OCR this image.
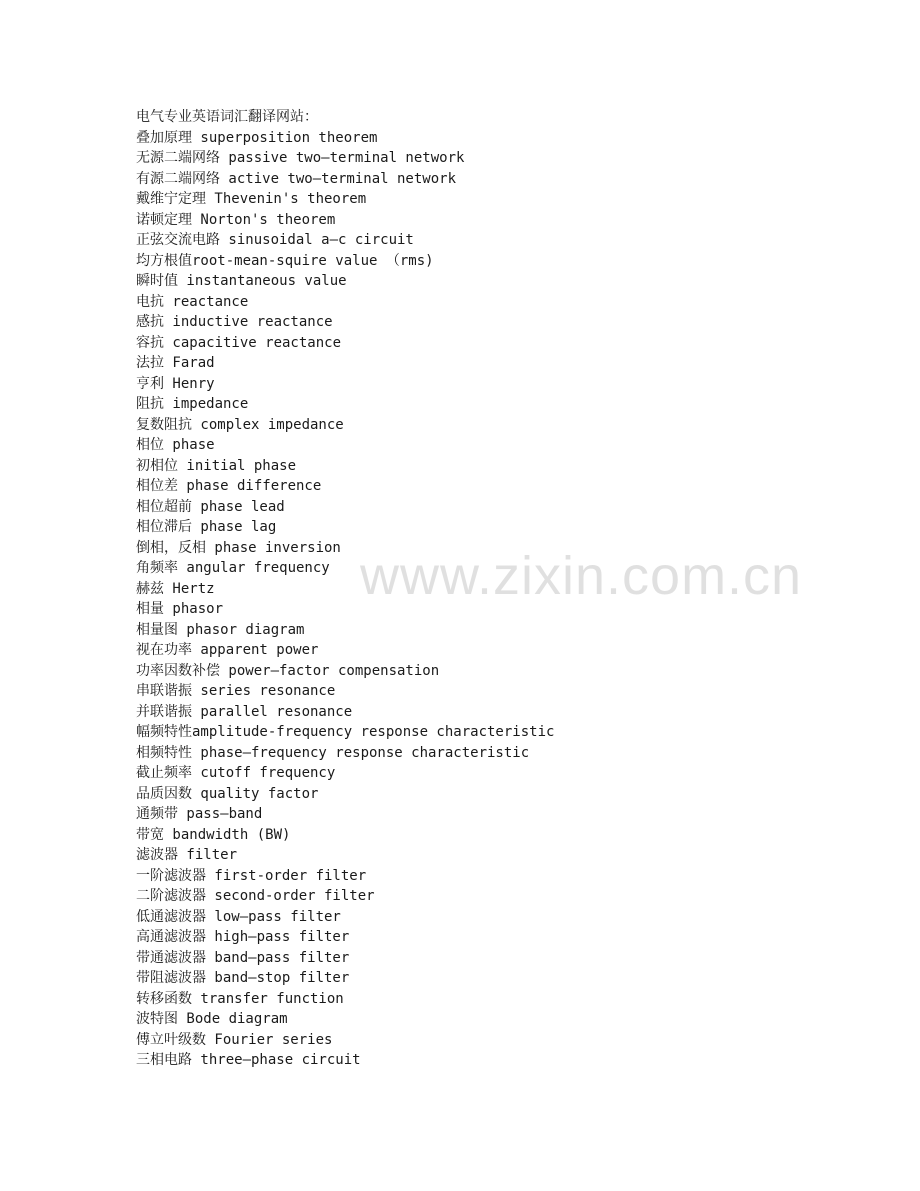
电气专业英语词汇翻译网站：
叠加原理 superposition theorem
无源二端网络 passive two—terminal network
有源二端网络 active two—terminal network
戴维宁定理 Thevenin's theorem
诺顿定理 Norton's theorem
正弦交流电路 sinusoidal a—c circuit
均方根值root-mean-squire value （rms)
瞬时值 instantaneous value
电抗 reactance
感抗 inductive reactance
容抗 capacitive reactance
法拉 Farad
亨利 Henry
阻抗 impedance
复数阻抗 complex impedance
相位 phase
初相位 initial phase
相位差 phase difference
相位超前 phase lead
相位滞后 phase lag
倒相，反相 phase inversion
角频率 angular frequency
赫兹 Hertz
相量 phasor
相量图 phasor diagram
视在功率 apparent power
功率因数补偿 power—factor compensation
串联谐振 series resonance
并联谐振 parallel resonance
幅频特性amplitude-frequency response characteristic
相频特性 phase—frequency response characteristic
截止频率 cutoff frequency
品质因数 quality factor
通频带 pass—band
带宽 bandwidth (BW)
滤波器 filter
一阶滤波器 first-order filter
二阶滤波器 second-order filter
低通滤波器 low—pass filter
高通滤波器 high—pass filter
带通滤波器 band—pass filter
带阻滤波器 band—stop filter
转移函数 transfer function
波特图 Bode diagram
傅立叶级数 Fourier series
三相电路 three—phase circuit
www.zixin.com.cn
